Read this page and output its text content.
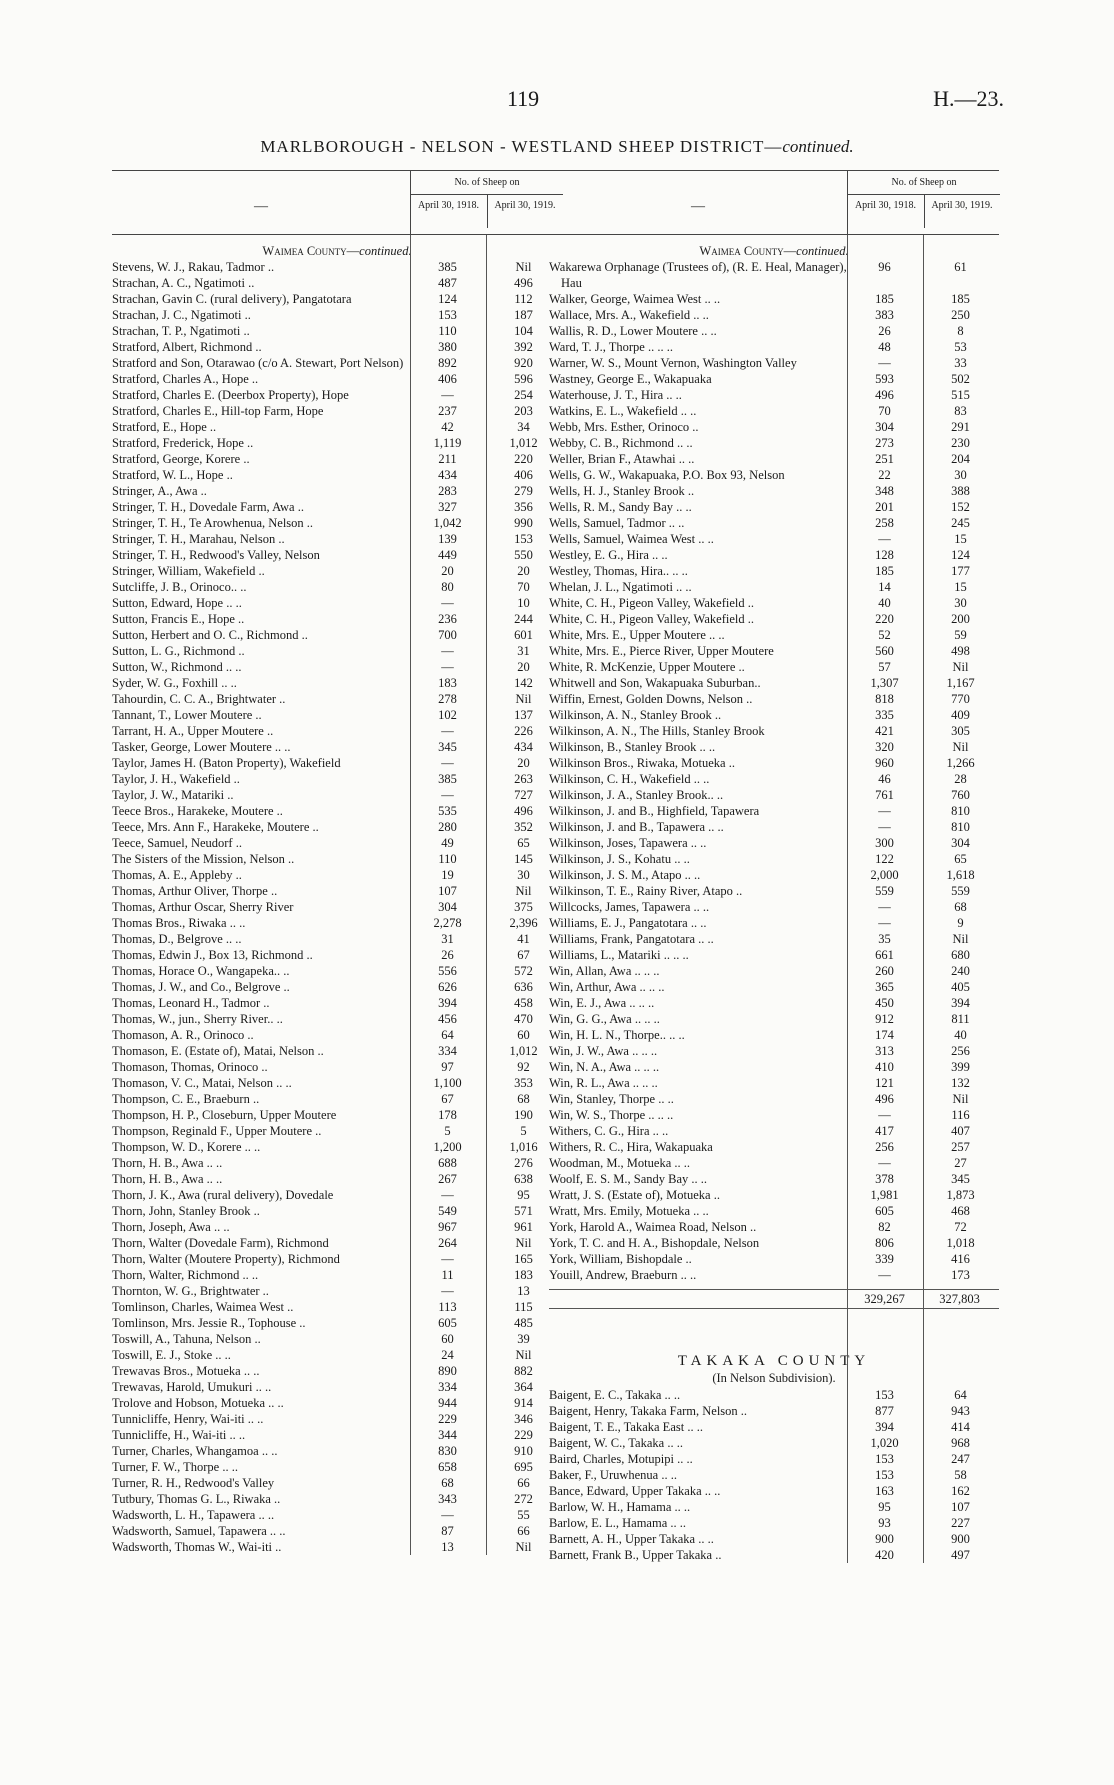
119	H.—23.
MARLBOROUGH - NELSON - WESTLAND SHEEP DISTRICT—continued.
—
No. of Sheep on
April 30, 1918.	April 30, 1919.
Waimea County—continued.
Stevens, W. J., Rakau, Tadmor ..	385	Nil
Strachan, A. C., Ngatimoti ..	487	496
Strachan, Gavin C. (rural delivery), Pangatotara	124	112
Strachan, J. C., Ngatimoti ..	153	187
Strachan, T. P., Ngatimoti ..	110	104
Stratford, Albert, Richmond ..	380	392
Stratford and Son, Otarawao (c/o A. Stewart, Port Nelson)	892	920
Stratford, Charles A., Hope ..	406	596
Stratford, Charles E. (Deerbox Property), Hope	—	254
Stratford, Charles E., Hill-top Farm, Hope	237	203
Stratford, E., Hope ..	42	34
Stratford, Frederick, Hope ..	1,119	1,012
Stratford, George, Korere ..	211	220
Stratford, W. L., Hope ..	434	406
Stringer, A., Awa ..	283	279
Stringer, T. H., Dovedale Farm, Awa ..	327	356
Stringer, T. H., Te Arowhenua, Nelson ..	1,042	990
Stringer, T. H., Marahau, Nelson ..	139	153
Stringer, T. H., Redwood's Valley, Nelson	449	550
Stringer, William, Wakefield ..	20	20
Sutcliffe, J. B., Orinoco.. ..	80	70
Sutton, Edward, Hope .. ..	—	10
Sutton, Francis E., Hope ..	236	244
Sutton, Herbert and O. C., Richmond ..	700	601
Sutton, L. G., Richmond ..	—	31
Sutton, W., Richmond .. ..	—	20
Syder, W. G., Foxhill .. ..	183	142
Tahourdin, C. C. A., Brightwater ..	278	Nil
Tannant, T., Lower Moutere ..	102	137
Tarrant, H. A., Upper Moutere ..	—	226
Tasker, George, Lower Moutere .. ..	345	434
Taylor, James H. (Baton Property), Wakefield	—	20
Taylor, J. H., Wakefield ..	385	263
Taylor, J. W., Matariki ..	—	727
Teece Bros., Harakeke, Moutere ..	535	496
Teece, Mrs. Ann F., Harakeke, Moutere ..	280	352
Teece, Samuel, Neudorf ..	49	65
The Sisters of the Mission, Nelson ..	110	145
Thomas, A. E., Appleby ..	19	30
Thomas, Arthur Oliver, Thorpe ..	107	Nil
Thomas, Arthur Oscar, Sherry River	304	375
Thomas Bros., Riwaka .. ..	2,278	2,396
Thomas, D., Belgrove .. ..	31	41
Thomas, Edwin J., Box 13, Richmond ..	26	67
Thomas, Horace O., Wangapeka.. ..	556	572
Thomas, J. W., and Co., Belgrove ..	626	636
Thomas, Leonard H., Tadmor ..	394	458
Thomas, W., jun., Sherry River.. ..	456	470
Thomason, A. R., Orinoco ..	64	60
Thomason, E. (Estate of), Matai, Nelson ..	334	1,012
Thomason, Thomas, Orinoco ..	97	92
Thomason, V. C., Matai, Nelson .. ..	1,100	353
Thompson, C. E., Braeburn ..	67	68
Thompson, H. P., Closeburn, Upper Moutere	178	190
Thompson, Reginald F., Upper Moutere ..	5	5
Thompson, W. D., Korere .. ..	1,200	1,016
Thorn, H. B., Awa .. ..	688	276
Thorn, H. B., Awa .. ..	267	638
Thorn, J. K., Awa (rural delivery), Dovedale	—	95
Thorn, John, Stanley Brook ..	549	571
Thorn, Joseph, Awa .. ..	967	961
Thorn, Walter (Dovedale Farm), Richmond	264	Nil
Thorn, Walter (Moutere Property), Richmond	—	165
Thorn, Walter, Richmond .. ..	11	183
Thornton, W. G., Brightwater ..	—	13
Tomlinson, Charles, Waimea West ..	113	115
Tomlinson, Mrs. Jessie R., Tophouse ..	605	485
Toswill, A., Tahuna, Nelson ..	60	39
Toswill, E. J., Stoke .. ..	24	Nil
Trewavas Bros., Motueka .. ..	890	882
Trewavas, Harold, Umukuri .. ..	334	364
Trolove and Hobson, Motueka .. ..	944	914
Tunnicliffe, Henry, Wai-iti .. ..	229	346
Tunnicliffe, H., Wai-iti .. ..	344	229
Turner, Charles, Whangamoa .. ..	830	910
Turner, F. W., Thorpe .. ..	658	695
Turner, R. H., Redwood's Valley	68	66
Tutbury, Thomas G. L., Riwaka ..	343	272
Wadsworth, L. H., Tapawera .. ..	—	55
Wadsworth, Samuel, Tapawera .. ..	87	66
Wadsworth, Thomas W., Wai-iti ..	13	Nil
—
No. of Sheep on
April 30, 1918.	April 30, 1919.
Waimea County—continued.
Wakarewa Orphanage (Trustees of), (R. E. Heal, Manager), Hau
96	61
Walker, George, Waimea West .. ..	185	185
Wallace, Mrs. A., Wakefield .. ..	383	250
Wallis, R. D., Lower Moutere .. ..	26	8
Ward, T. J., Thorpe .. .. ..	48	53
Warner, W. S., Mount Vernon, Washington Valley	—	33
Wastney, George E., Wakapuaka	593	502
Waterhouse, J. T., Hira .. ..	496	515
Watkins, E. L., Wakefield .. ..	70	83
Webb, Mrs. Esther, Orinoco ..	304	291
Webby, C. B., Richmond .. ..	273	230
Weller, Brian F., Atawhai .. ..	251	204
Wells, G. W., Wakapuaka, P.O. Box 93, Nelson	22	30
Wells, H. J., Stanley Brook ..	348	388
Wells, R. M., Sandy Bay .. ..	201	152
Wells, Samuel, Tadmor .. ..	258	245
Wells, Samuel, Waimea West .. ..	—	15
Westley, E. G., Hira .. ..	128	124
Westley, Thomas, Hira.. .. ..	185	177
Whelan, J. L., Ngatimoti .. ..	14	15
White, C. H., Pigeon Valley, Wakefield ..	40	30
White, C. H., Pigeon Valley, Wakefield ..	220	200
White, Mrs. E., Upper Moutere .. ..	52	59
White, Mrs. E., Pierce River, Upper Moutere	560	498
White, R. McKenzie, Upper Moutere ..	57	Nil
Whitwell and Son, Wakapuaka Suburban..	1,307	1,167
Wiffin, Ernest, Golden Downs, Nelson ..	818	770
Wilkinson, A. N., Stanley Brook ..	335	409
Wilkinson, A. N., The Hills, Stanley Brook	421	305
Wilkinson, B., Stanley Brook .. ..	320	Nil
Wilkinson Bros., Riwaka, Motueka ..	960	1,266
Wilkinson, C. H., Wakefield .. ..	46	28
Wilkinson, J. A., Stanley Brook.. ..	761	760
Wilkinson, J. and B., Highfield, Tapawera	—	810
Wilkinson, J. and B., Tapawera .. ..	—	810
Wilkinson, Joses, Tapawera .. ..	300	304
Wilkinson, J. S., Kohatu .. ..	122	65
Wilkinson, J. S. M., Atapo .. ..	2,000	1,618
Wilkinson, T. E., Rainy River, Atapo ..	559	559
Willcocks, James, Tapawera .. ..	—	68
Williams, E. J., Pangatotara .. ..	—	9
Williams, Frank, Pangatotara .. ..	35	Nil
Williams, L., Matariki .. .. ..	661	680
Win, Allan, Awa .. .. ..	260	240
Win, Arthur, Awa .. .. ..	365	405
Win, E. J., Awa .. .. ..	450	394
Win, G. G., Awa .. .. ..	912	811
Win, H. L. N., Thorpe.. .. ..	174	40
Win, J. W., Awa .. .. ..	313	256
Win, N. A., Awa .. .. ..	410	399
Win, R. L., Awa .. .. ..	121	132
Win, Stanley, Thorpe .. ..	496	Nil
Win, W. S., Thorpe .. .. ..	—	116
Withers, C. G., Hira .. ..	417	407
Withers, R. C., Hira, Wakapuaka	256	257
Woodman, M., Motueka .. ..	—	27
Woolf, E. S. M., Sandy Bay .. ..	378	345
Wratt, J. S. (Estate of), Motueka ..	1,981	1,873
Wratt, Mrs. Emily, Motueka .. ..	605	468
York, Harold A., Waimea Road, Nelson ..	82	72
York, T. C. and H. A., Bishopdale, Nelson	806	1,018
York, William, Bishopdale ..	339	416
Youill, Andrew, Braeburn .. ..	—	173
329,267	327,803
TAKAKA COUNTY
(In Nelson Subdivision).
Baigent, E. C., Takaka .. ..	153	64
Baigent, Henry, Takaka Farm, Nelson ..	877	943
Baigent, T. E., Takaka East .. ..	394	414
Baigent, W. C., Takaka .. ..	1,020	968
Baird, Charles, Motupipi .. ..	153	247
Baker, F., Uruwhenua .. ..	153	58
Bance, Edward, Upper Takaka .. ..	163	162
Barlow, W. H., Hamama .. ..	95	107
Barlow, E. L., Hamama .. ..	93	227
Barnett, A. H., Upper Takaka .. ..	900	900
Barnett, Frank B., Upper Takaka ..	420	497
